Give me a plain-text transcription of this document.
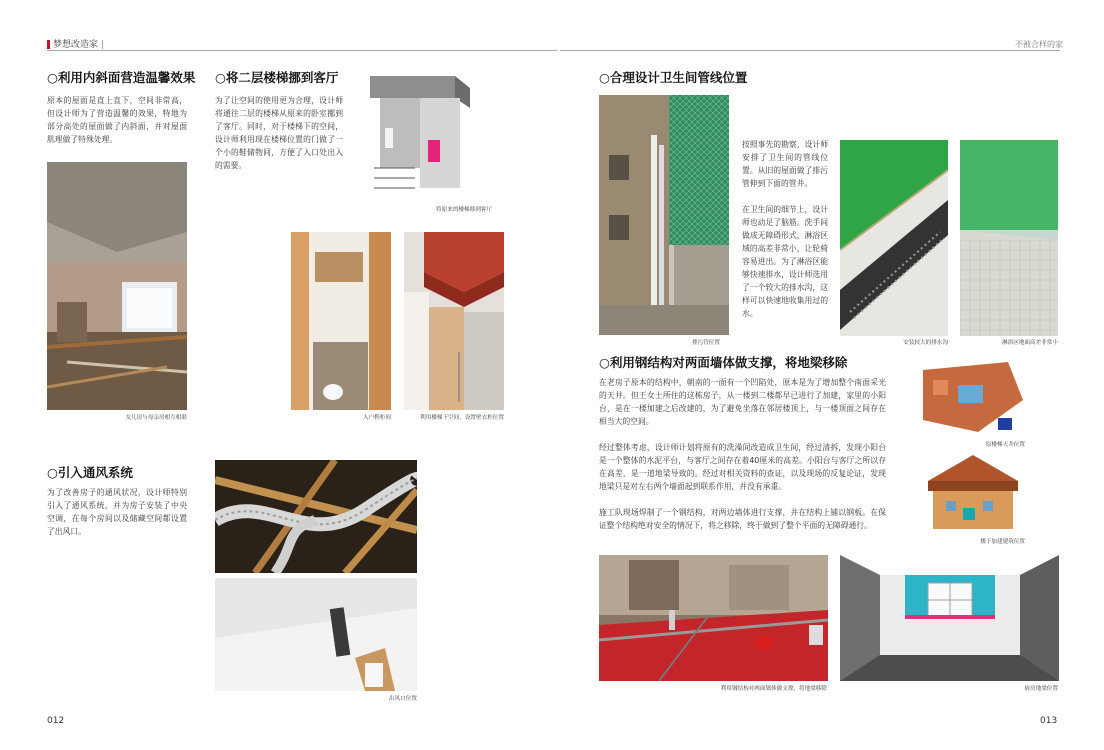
梦想改造家 |	不被合样的家
○利用内斜面营造温馨效果
原本的屋面是直上直下，空间非常高，但设计师为了营造温馨的效果，特地为部分高处的屋面做了内斜面，并对屋面肌理做了特殊处理。
女儿房与母亲房相互相联
○将二层楼梯挪到客厅
为了让空间的使用更为合理，设计师将通往二层的楼梯从原来的卧室挪到了客厅。同时，对于楼梯下的空间，设计师利用现在楼梯位置的门做了一个小的鞋储物间，方便了入口处出入的需要。
将原来的楼梯移到客厅
入户鞋柜间	利用楼梯下空间，设置壁衣柜位置
○引入通风系统
为了改善房子的通风状况，设计师特别引入了通风系统，并为房子安装了中央空调，在每个房间以及储藏空间都设置了出风口。
出风口位置
012
○合理设计卫生间管线位置
排污管位置
按照事先的勘察，设计师安排了卫生间的管线位置。从旧的屋面做了排污管伸到下面的管井。
在卫生间的细节上，设计师也动足了脑筋。洗手间做成无障碍形式，淋浴区域的高差非常小，让轮椅容易进出。为了淋浴区能够快速排水，设计师选用了一个较大的排水沟，这样可以快速地收集用过的水。
安装较大的排水沟	淋浴区地面高差非常小
○利用钢结构对两面墙体做支撑，将地梁移除
在老房子原本的结构中，朝南的一面有一个凹陷处，原本是为了增加整个南面采光的天井。但王女士所住的这栋房子，从一楼到二楼都早已进行了加建，家里的小阳台，是在一楼加建之后改建的，为了避免坐落在邻居楼顶上，与一楼顶面之间存在相当大的空间。
经过整体考虑，设计师计划将原有的洗澡间改造成卫生间，经过清拆，发现小阳台是一个整体的水泥平台，与客厅之间存在着40厘米的高差。小阳台与客厅之所以存在高差，是一道地梁导致的。经过对相关资料的查证，以及现场的反复论证，发现地梁只是对左右两个墙面起到联系作用，并没有承重。
施工队现场焊制了一个钢结构，对两边墙体进行支撑，并在结构上铺以钢板。在保证整个结构绝对安全的情况下，将之移除，终于做到了整个平面的无障碍通行。
原楼梯天井位置
楼下加建建筑位置
利用钢结构对两面墙体做支撑，将地梁移除	厨房地梁位置
013
